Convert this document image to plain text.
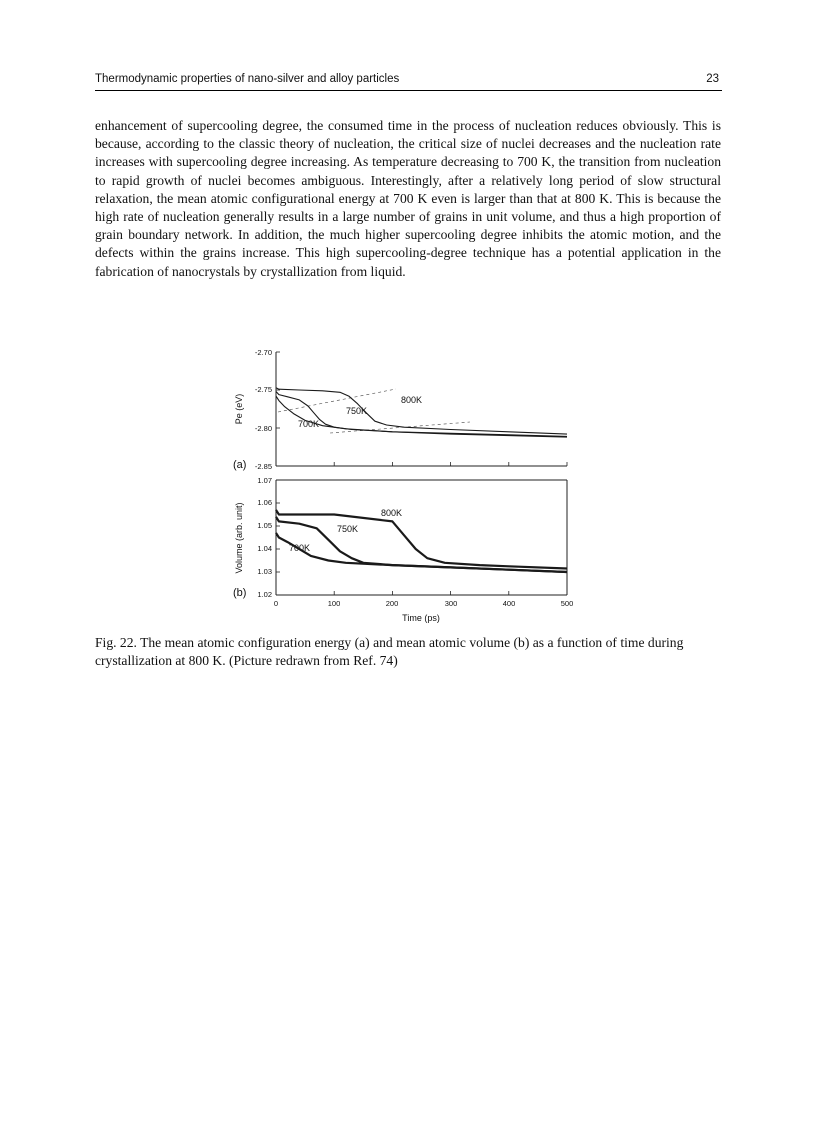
Thermodynamic properties of nano-silver and alloy particles	23

enhancement of supercooling degree, the consumed time in the process of nucleation reduces obviously. This is because, according to the classic theory of nucleation, the critical size of nuclei decreases and the nucleation rate increases with supercooling degree increasing. As temperature decreasing to 700 K, the transition from nucleation to rapid growth of nuclei becomes ambiguous. Interestingly, after a relatively long period of slow structural relaxation, the mean atomic configurational energy at 700 K even is larger than that at 800 K. This is because the high rate of nucleation generally results in a large number of grains in unit volume, and thus a high proportion of grain boundary network. In addition, the much higher supercooling degree inhibits the atomic motion, and the defects within the grains increase. This high supercooling-degree technique has a potential application in the fabrication of nanocrystals by crystallization from liquid.

-2.70
-2.75
-2.80
-2.85
(a)
Pe (eV)
1.07
1.06
1.05
1.04
1.03
1.02
(b)
Volume (arb. unit)
0	100	200	300	400	500
Time (ps)
800K
750K
700K
800K
750K
700K

Fig. 22. The mean atomic configuration energy (a) and mean atomic volume (b) as a function of time during crystallization at 800 K. (Picture redrawn from Ref. 74)
